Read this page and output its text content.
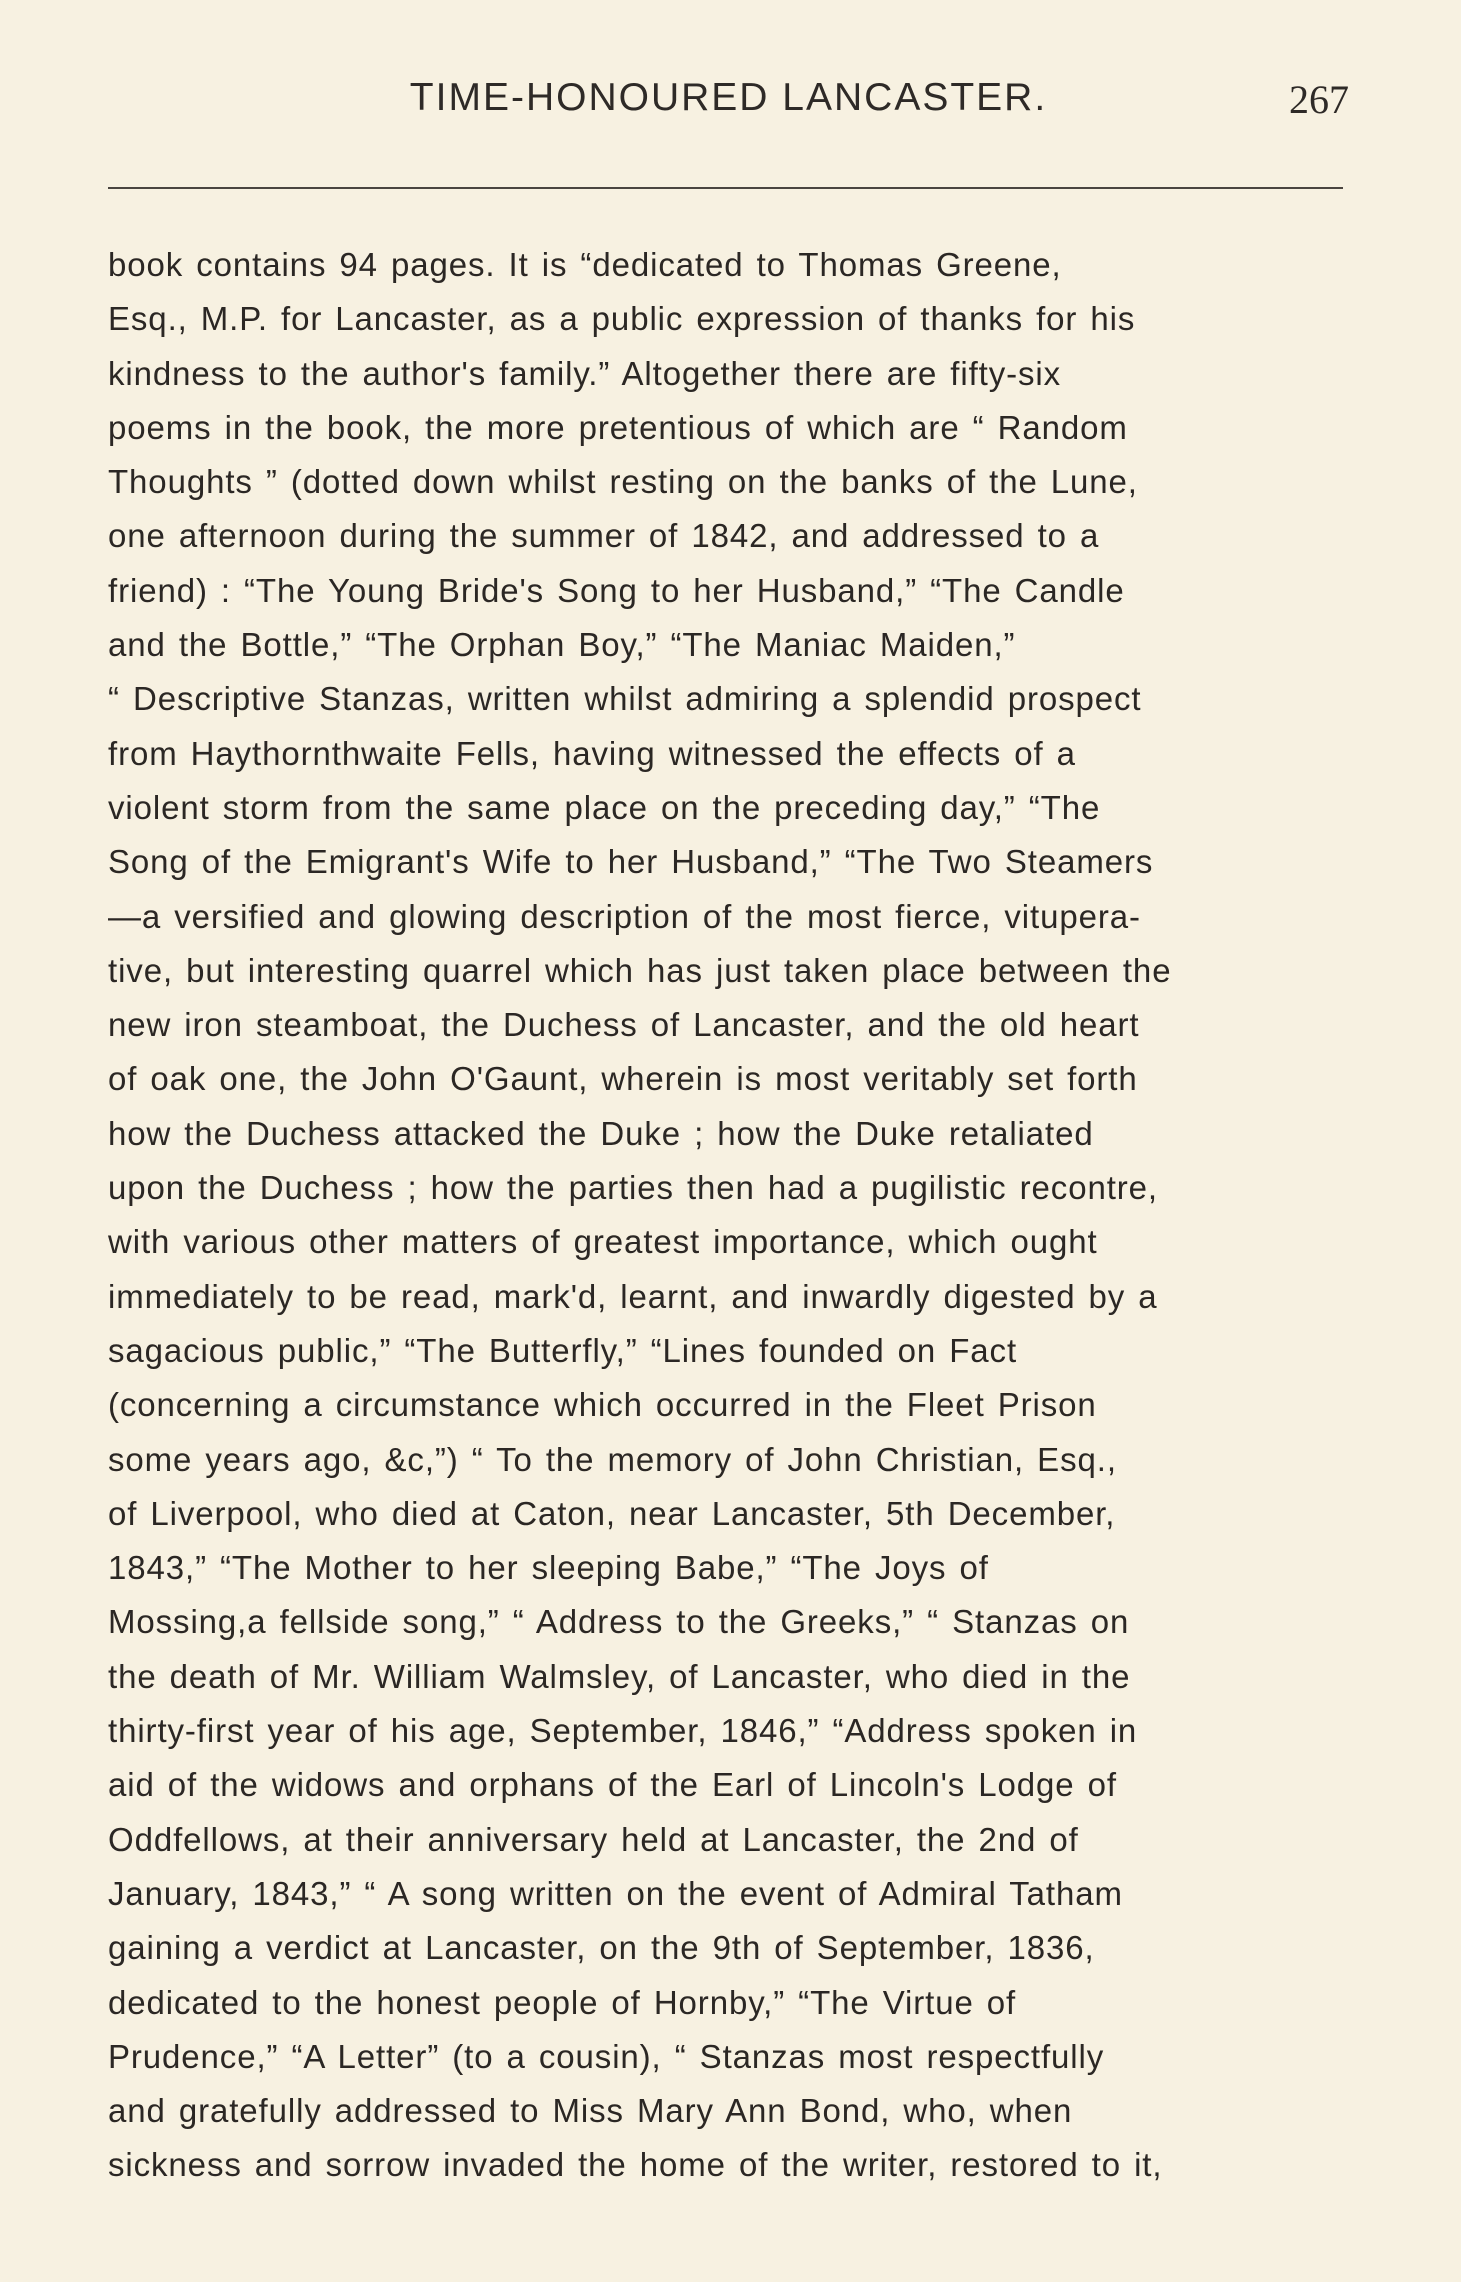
TIME-HONOURED LANCASTER.	267
book contains 94 pages. It is “dedicated to Thomas Greene,
Esq., M.P. for Lancaster, as a public expression of thanks for his
kindness to the author's family.” Altogether there are fifty-six
poems in the book, the more pretentious of which are “ Random
Thoughts ” (dotted down whilst resting on the banks of the Lune,
one afternoon during the summer of 1842, and addressed to a
friend) : “The Young Bride's Song to her Husband,” “The Candle
and the Bottle,” “The Orphan Boy,” “The Maniac Maiden,”
“ Descriptive Stanzas, written whilst admiring a splendid prospect
from Haythornthwaite Fells, having witnessed the effects of a
violent storm from the same place on the preceding day,” “The
Song of the Emigrant's Wife to her Husband,” “The Two Steamers
—a versified and glowing description of the most fierce, vitupera-
tive, but interesting quarrel which has just taken place between the
new iron steamboat, the Duchess of Lancaster, and the old heart
of oak one, the John O'Gaunt, wherein is most veritably set forth
how the Duchess attacked the Duke ; how the Duke retaliated
upon the Duchess ; how the parties then had a pugilistic recontre,
with various other matters of greatest importance, which ought
immediately to be read, mark'd, learnt, and inwardly digested by a
sagacious public,” “The Butterfly,” “Lines founded on Fact
(concerning a circumstance which occurred in the Fleet Prison
some years ago, &c,”) “ To the memory of John Christian, Esq.,
of Liverpool, who died at Caton, near Lancaster, 5th December,
1843,” “The Mother to her sleeping Babe,” “The Joys of
Mossing,a fellside song,” “ Address to the Greeks,” “ Stanzas on
the death of Mr. William Walmsley, of Lancaster, who died in the
thirty-first year of his age, September, 1846,” “Address spoken in
aid of the widows and orphans of the Earl of Lincoln's Lodge of
Oddfellows, at their anniversary held at Lancaster, the 2nd of
January, 1843,” “ A song written on the event of Admiral Tatham
gaining a verdict at Lancaster, on the 9th of September, 1836,
dedicated to the honest people of Hornby,” “The Virtue of
Prudence,” “A Letter” (to a cousin), “ Stanzas most respectfully
and gratefully addressed to Miss Mary Ann Bond, who, when
sickness and sorrow invaded the home of the writer, restored to it,
